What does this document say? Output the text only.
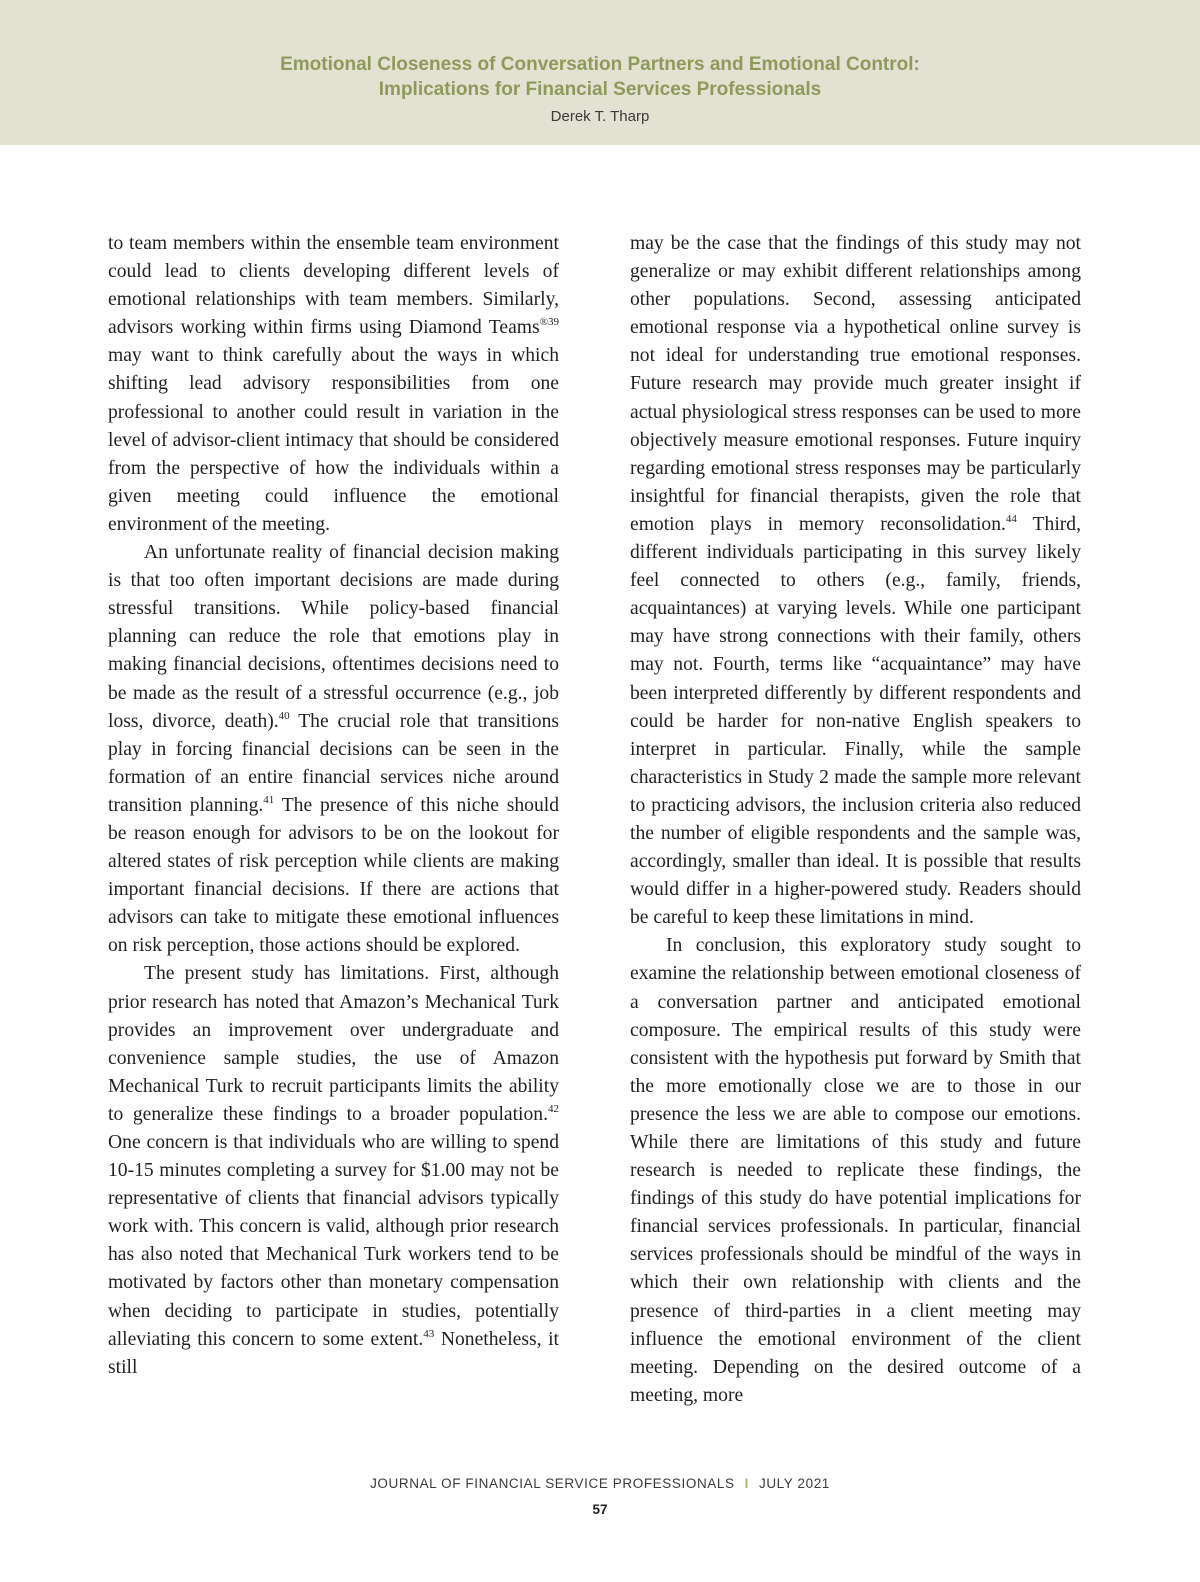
Emotional Closeness of Conversation Partners and Emotional Control:
Implications for Financial Services Professionals
Derek T. Tharp

to team members within the ensemble team environment could lead to clients developing different levels of emotional relationships with team members. Similarly, advisors working within firms using Diamond Teams$^{®39}$ may want to think carefully about the ways in which shifting lead advisory responsibilities from one professional to another could result in variation in the level of advisor-client intimacy that should be considered from the perspective of how the individuals within a given meeting could influence the emotional environment of the meeting.

An unfortunate reality of financial decision making is that too often important decisions are made during stressful transitions. While policy-based financial planning can reduce the role that emotions play in making financial decisions, oftentimes decisions need to be made as the result of a stressful occurrence (e.g., job loss, divorce, death).$^{40}$ The crucial role that transitions play in forcing financial decisions can be seen in the formation of an entire financial services niche around transition planning.$^{41}$ The presence of this niche should be reason enough for advisors to be on the lookout for altered states of risk perception while clients are making important financial decisions. If there are actions that advisors can take to mitigate these emotional influences on risk perception, those actions should be explored.

The present study has limitations. First, although prior research has noted that Amazon’s Mechanical Turk provides an improvement over undergraduate and convenience sample studies, the use of Amazon Mechanical Turk to recruit participants limits the ability to generalize these findings to a broader population.$^{42}$ One concern is that individuals who are willing to spend 10-15 minutes completing a survey for $1.00 may not be representative of clients that financial advisors typically work with. This concern is valid, although prior research has also noted that Mechanical Turk workers tend to be motivated by factors other than monetary compensation when deciding to participate in studies, potentially alleviating this concern to some extent.$^{43}$ Nonetheless, it still

may be the case that the findings of this study may not generalize or may exhibit different relationships among other populations. Second, assessing anticipated emotional response via a hypothetical online survey is not ideal for understanding true emotional responses. Future research may provide much greater insight if actual physiological stress responses can be used to more objectively measure emotional responses. Future inquiry regarding emotional stress responses may be particularly insightful for financial therapists, given the role that emotion plays in memory reconsolidation.$^{44}$ Third, different individuals participating in this survey likely feel connected to others (e.g., family, friends, acquaintances) at varying levels. While one participant may have strong connections with their family, others may not. Fourth, terms like “acquaintance” may have been interpreted differently by different respondents and could be harder for non-native English speakers to interpret in particular. Finally, while the sample characteristics in Study 2 made the sample more relevant to practicing advisors, the inclusion criteria also reduced the number of eligible respondents and the sample was, accordingly, smaller than ideal. It is possible that results would differ in a higher-powered study. Readers should be careful to keep these limitations in mind.

In conclusion, this exploratory study sought to examine the relationship between emotional closeness of a conversation partner and anticipated emotional composure. The empirical results of this study were consistent with the hypothesis put forward by Smith that the more emotionally close we are to those in our presence the less we are able to compose our emotions. While there are limitations of this study and future research is needed to replicate these findings, the findings of this study do have potential implications for financial services professionals. In particular, financial services professionals should be mindful of the ways in which their own relationship with clients and the presence of third-parties in a client meeting may influence the emotional environment of the client meeting. Depending on the desired outcome of a meeting, more

JOURNAL OF FINANCIAL SERVICE PROFESSIONALS I JULY 2021
57
